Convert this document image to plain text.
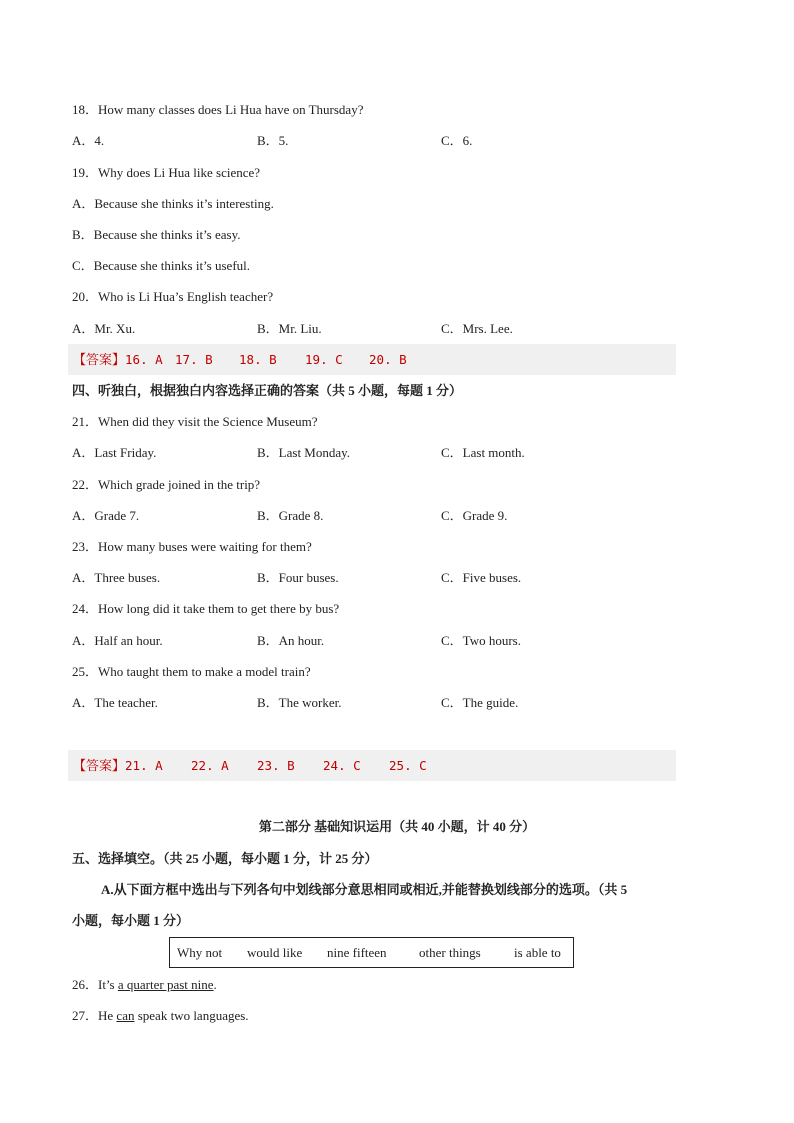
18．How many classes does Li Hua have on Thursday?
A．4.	B．5.	C．6.
19．Why does Li Hua like science?
A．Because she thinks it’s interesting.
B．Because she thinks it’s easy.
C．Because she thinks it’s useful.
20．Who is Li Hua’s English teacher?
A．Mr. Xu.	B．Mr. Liu.	C．Mrs. Lee.
【答案】16. A 17. B 18. B 19. C 20. B
四、听独白，根据独白内容选择正确的答案（共 5 小题，每题 1 分）
21．When did they visit the Science Museum?
A．Last Friday.	B．Last Monday.	C．Last month.
22．Which grade joined in the trip?
A．Grade 7.	B．Grade 8.	C．Grade 9.
23．How many buses were waiting for them?
A．Three buses.	B．Four buses.	C．Five buses.
24．How long did it take them to get there by bus?
A．Half an hour.	B．An hour.	C．Two hours.
25．Who taught them to make a model train?
A．The teacher.	B．The worker.	C．The guide.
【答案】21. A 22. A 23. B 24. C 25. C
第二部分 基础知识运用（共 40 小题，计 40 分）
五、选择填空。（共 25 小题，每小题 1 分，计 25 分）
A.从下面方框中选出与下列各句中划线部分意思相同或相近,并能替换划线部分的选项。（共 5
小题，每小题 1 分）
Why not would like nine fifteen other things	is able to
26．It’s a quarter past nine.
27．He can speak two languages.
